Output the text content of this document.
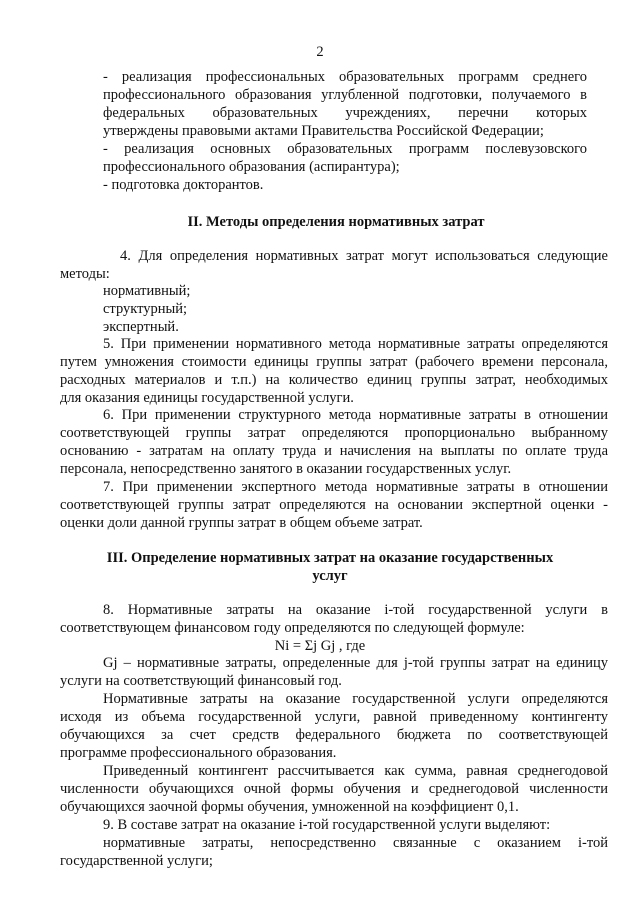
2
- реализация профессиональных образовательных программ среднего
профессионального образования углубленной подготовки, получаемого в
федеральных образовательных учреждениях, перечни которых
утверждены правовыми актами Правительства Российской Федерации;
- реализация основных образовательных программ послевузовского
профессионального образования (аспирантура);
- подготовка докторантов.
II. Методы определения нормативных затрат
4. Для определения нормативных затрат могут использоваться следующие
методы:
нормативный;
структурный;
экспертный.
5. При применении нормативного метода нормативные затраты определяются
путем умножения стоимости единицы группы затрат (рабочего времени персонала,
расходных материалов и т.п.) на количество единиц группы затрат, необходимых
для оказания единицы государственной услуги.
6. При применении структурного метода нормативные затраты в отношении
соответствующей группы затрат определяются пропорционально выбранному
основанию - затратам на оплату труда и начисления на выплаты по оплате труда
персонала, непосредственно занятого в оказании государственных услуг.
7. При применении экспертного метода нормативные затраты в отношении
соответствующей группы затрат определяются на основании экспертной оценки -
оценки доли данной группы затрат в общем объеме затрат.
III. Определение нормативных затрат на оказание государственных
услуг
8. Нормативные затраты на оказание i-той государственной услуги в
соответствующем финансовом году определяются по следующей формуле:
Ni = Σj Gj , где
Gj – нормативные затраты, определенные для j-той группы затрат на единицу
услуги на соответствующий финансовый год.
Нормативные затраты на оказание государственной услуги определяются
исходя из объема государственной услуги, равной приведенному контингенту
обучающихся за счет средств федерального бюджета по соответствующей
программе профессионального образования.
Приведенный контингент рассчитывается как сумма, равная среднегодовой
численности обучающихся очной формы обучения и среднегодовой численности
обучающихся заочной формы обучения, умноженной на коэффициент 0,1.
9. В составе затрат на оказание i-той государственной услуги выделяют:
нормативные затраты, непосредственно связанные с оказанием i-той
государственной услуги;
